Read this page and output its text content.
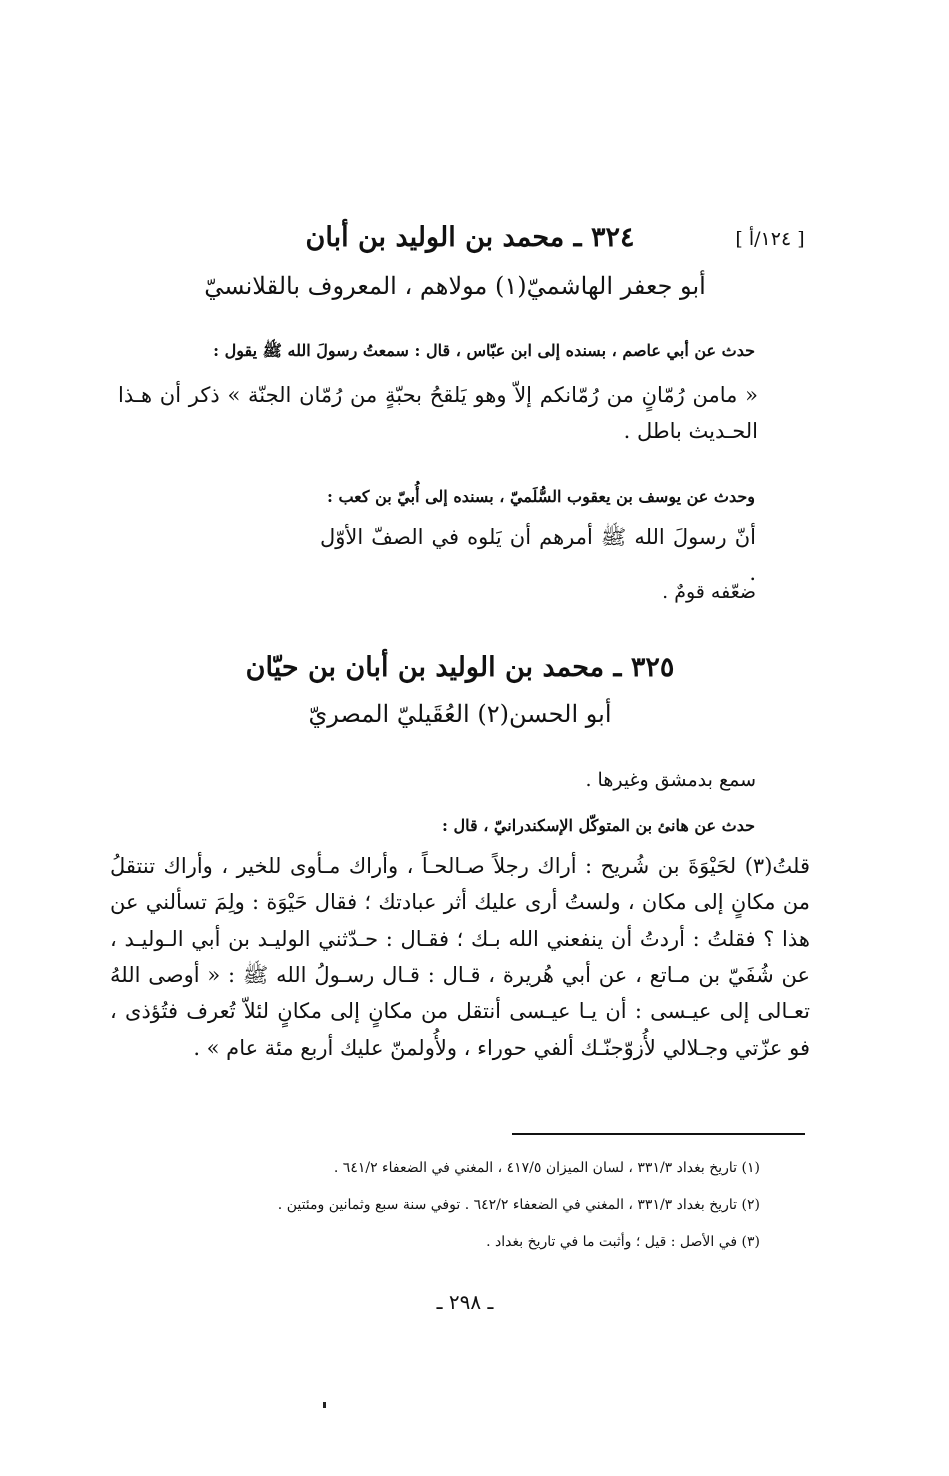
[ ١٢٤/أ ]
٣٢٤ ـ محمد بن الوليد بن أبان
أبو جعفر الهاشميّ(١) مولاهم ، المعروف بالقلانسيّ
حدث عن أبي عاصم ، بسنده إلى ابن عبّاس ، قال : سمعتُ رسولَ الله ﷺ يقول :
« مامن رُمّانٍ من رُمّانكم إلاّ وهو يَلقحُ بحبّةٍ من رُمّان الجنّة » ذكر أن هـذا الحـديث باطل .
وحدث عن يوسف بن يعقوب السُّلَميّ ، بسنده إلى أُبيّ بن كعب :
أنّ رسولَ الله ﷺ أمرهم أن يَلوه في الصفّ الأوّل .
ضعّفه قومٌ .
٣٢٥ ـ محمد بن الوليد بن أبان بن حيّان
أبو الحسن(٢) العُقَيليّ المصريّ
سمع بدمشق وغيرها .
حدث عن هانئ بن المتوكّل الإسكندرانيّ ، قال :
قلتُ(٣) لحَيْوَةَ بن شُريح : أراك رجلاً صـالحـاً ، وأراك مـأوى للخير ، وأراك تنتقلُ من مكانٍ إلى مكان ، ولستُ أرى عليك أثر عبادتك ؛ فقال حَيْوَة : ولِمَ تسألني عن هذا ؟ فقلتُ : أردتُ أن ينفعني الله بـك ؛ فقـال : حـدّثني الوليـد بن أبي الـوليـد ، عن شُفَيّ بن مـاتع ، عن أبي هُريرة ، قـال : قـال رسـولُ الله ﷺ : « أوصى اللهُ تعـالى إلى عيـسى : أن يـا عيـسى أنتقل من مكانٍ إلى مكانٍ لئلاّ تُعرف فتُؤذى ، فو عزّتي وجـلالي لأُزوّجنّـك ألفي حوراء ، ولأُولمنّ عليك أربع مئة عام » .
(١) تاريخ بغداد ٣٣١/٣ ، لسان الميزان ٤١٧/٥ ، المغني في الضعفاء ٦٤١/٢ .
(٢) تاريخ بغداد ٣٣١/٣ ، المغني في الضعفاء ٦٤٢/٢ . توفي سنة سبع وثمانين ومئتين .
(٣) في الأصل : قيل ؛ وأثبت ما في تاريخ بغداد .
ـ ٢٩٨ ـ
